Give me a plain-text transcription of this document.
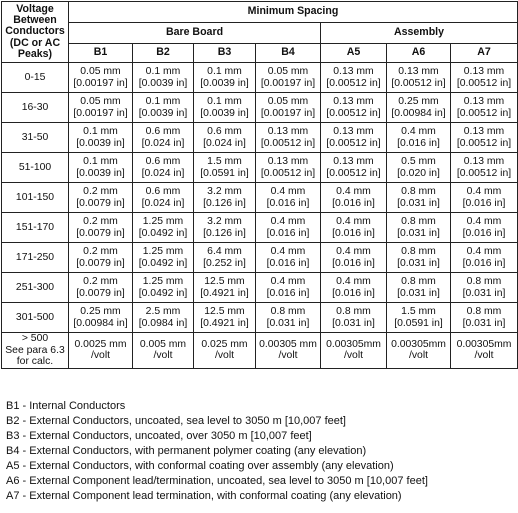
Voltage
Between
Conductors
(DC or AC
Peaks)	Minimum Spacing						
	Bare Board				Assembly		
	B1	B2	B3	B4	A5	A6	A7

0-15	0.05 mm
[0.00197 in]	0.1 mm
[0.0039 in]	0.1 mm
[0.0039 in]	0.05 mm
[0.00197 in]	0.13 mm
[0.00512 in]	0.13 mm
[0.00512 in]	0.13 mm
[0.00512 in]

16-30	0.05 mm
[0.00197 in]	0.1 mm
[0.0039 in]	0.1 mm
[0.0039 in]	0.05 mm
[0.00197 in]	0.13 mm
[0.00512 in]	0.25 mm
[0.00984 in]	0.13 mm
[0.00512 in]

31-50	0.1 mm
[0.0039 in]	0.6 mm
[0.024 in]	0.6 mm
[0.024 in]	0.13 mm
[0.00512 in]	0.13 mm
[0.00512 in]	0.4 mm
[0.016 in]	0.13 mm
[0.00512 in]

51-100	0.1 mm
[0.0039 in]	0.6 mm
[0.024 in]	1.5 mm
[0.0591 in]	0.13 mm
[0.00512 in]	0.13 mm
[0.00512 in]	0.5 mm
[0.020 in]	0.13 mm
[0.00512 in]

101-150	0.2 mm
[0.0079 in]	0.6 mm
[0.024 in]	3.2 mm
[0.126 in]	0.4 mm
[0.016 in]	0.4 mm
[0.016 in]	0.8 mm
[0.031 in]	0.4 mm
[0.016 in]

151-170	0.2 mm
[0.0079 in]	1.25 mm
[0.0492 in]	3.2 mm
[0.126 in]	0.4 mm
[0.016 in]	0.4 mm
[0.016 in]	0.8 mm
[0.031 in]	0.4 mm
[0.016 in]

171-250	0.2 mm
[0.0079 in]	1.25 mm
[0.0492 in]	6.4 mm
[0.252 in]	0.4 mm
[0.016 in]	0.4 mm
[0.016 in]	0.8 mm
[0.031 in]	0.4 mm
[0.016 in]

251-300	0.2 mm
[0.0079 in]	1.25 mm
[0.0492 in]	12.5 mm
[0.4921 in]	0.4 mm
[0.016 in]	0.4 mm
[0.016 in]	0.8 mm
[0.031 in]	0.8 mm
[0.031 in]

301-500	0.25 mm
[0.00984 in]	2.5 mm
[0.0984 in]	12.5 mm
[0.4921 in]	0.8 mm
[0.031 in]	0.8 mm
[0.031 in]	1.5 mm
[0.0591 in]	0.8 mm
[0.031 in]

> 500
See para 6.3
for calc.	0.0025 mm
/volt	0.005 mm
/volt	0.025 mm
/volt	0.00305 mm
/volt	0.00305mm
/volt	0.00305mm
/volt	0.00305mm
/volt
B1 - Internal Conductors
B2 - External Conductors, uncoated, sea level to 3050 m [10,007 feet]
B3 - External Conductors, uncoated, over 3050 m [10,007 feet]
B4 - External Conductors, with permanent polymer coating (any elevation)
A5 - External Conductors, with conformal coating over assembly (any elevation)
A6 - External Component lead/termination, uncoated, sea level to 3050 m [10,007 feet]
A7 - External Component lead termination, with conformal coating (any elevation)
